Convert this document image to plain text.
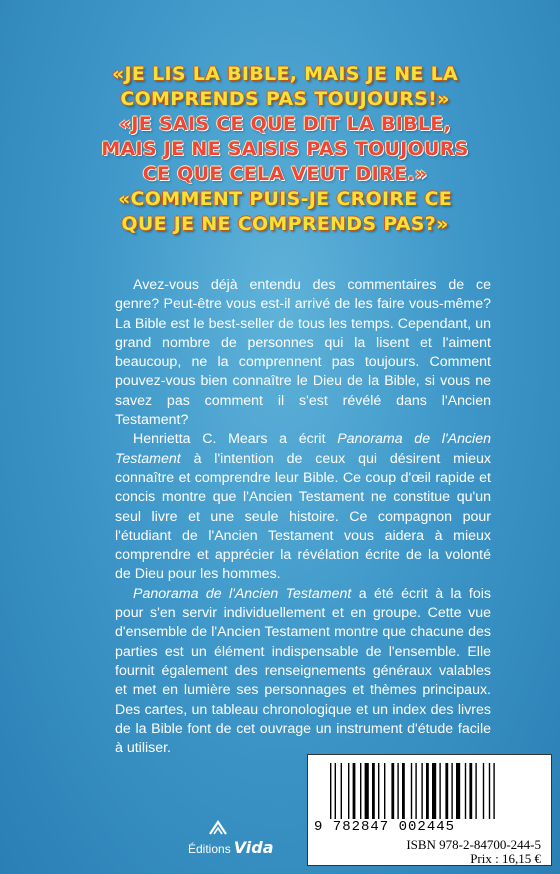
«JE LIS LA BIBLE, MAIS JE NE LA COMPRENDS PAS TOUJOURS!»
«JE SAIS CE QUE DIT LA BIBLE, MAIS JE NE SAISIS PAS TOUJOURS CE QUE CELA VEUT DIRE.»
«COMMENT PUIS-JE CROIRE CE QUE JE NE COMPRENDS PAS?»

Avez-vous déjà entendu des commentaires de ce genre? Peut-être vous est-il arrivé de les faire vous-même? La Bible est le best-seller de tous les temps. Cependant, un grand nombre de personnes qui la lisent et l'aiment beaucoup, ne la comprennent pas toujours. Comment pouvez-vous bien connaître le Dieu de la Bible, si vous ne savez pas comment il s'est révélé dans l'Ancien Testament?

Henrietta C. Mears a écrit Panorama de l'Ancien Testament à l'intention de ceux qui désirent mieux connaître et comprendre leur Bible. Ce coup d'œil rapide et concis montre que l'Ancien Testament ne constitue qu'un seul livre et une seule histoire. Ce compagnon pour l'étudiant de l'Ancien Testament vous aidera à mieux comprendre et apprécier la révélation écrite de la volonté de Dieu pour les hommes.

Panorama de l'Ancien Testament a été écrit à la fois pour s'en servir individuellement et en groupe. Cette vue d'ensemble de l'Ancien Testament montre que chacune des parties est un élément indispensable de l'ensemble. Elle fournit également des renseignements généraux valables et met en lumière ses personnages et thèmes principaux. Des cartes, un tableau chronologique et un index des livres de la Bible font de cet ouvrage un instrument d'étude facile à utiliser.

Éditions Vida
9 782847 002445
ISBN 978-2-84700-244-5
Prix : 16,15 €
